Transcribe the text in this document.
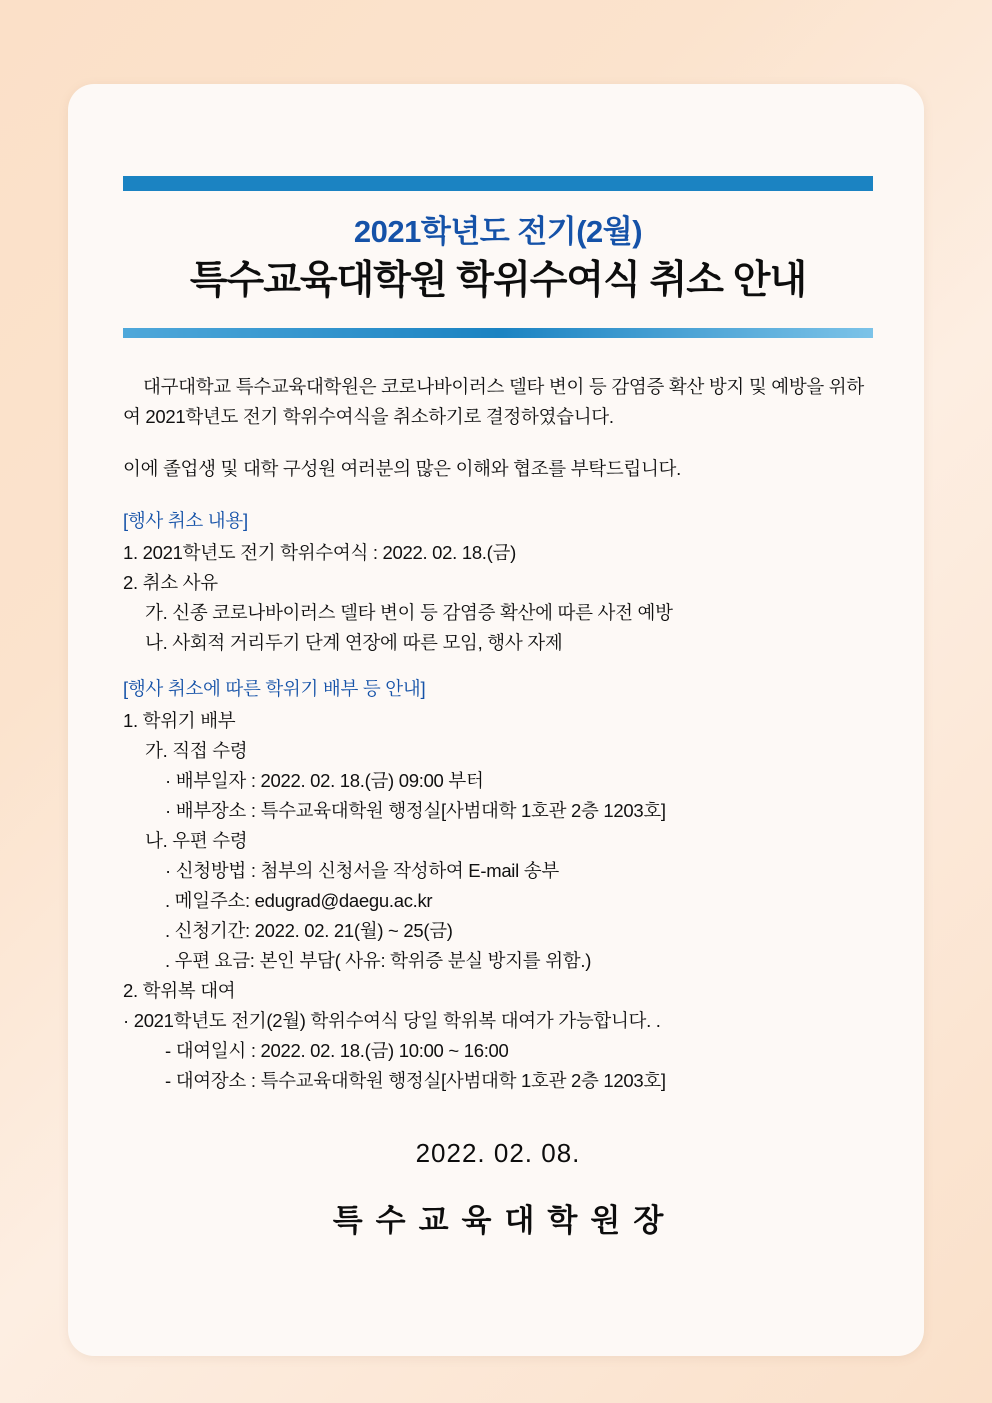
2021학년도 전기(2월)
특수교육대학원 학위수여식 취소 안내
대구대학교 특수교육대학원은 코로나바이러스 델타 변이 등 감염증 확산 방지 및 예방을 위하여 2021학년도 전기 학위수여식을 취소하기로 결정하였습니다.
이에 졸업생 및 대학 구성원 여러분의 많은 이해와 협조를 부탁드립니다.
[행사 취소 내용]
1. 2021학년도 전기 학위수여식 : 2022. 02. 18.(금)
2. 취소 사유
가. 신종 코로나바이러스 델타 변이 등 감염증 확산에 따른 사전 예방
나. 사회적 거리두기 단계 연장에 따른 모임, 행사 자제
[행사 취소에 따른 학위기 배부 등 안내]
1. 학위기 배부
가. 직접 수령
· 배부일자 : 2022. 02. 18.(금) 09:00 부터
· 배부장소 : 특수교육대학원 행정실[사범대학 1호관 2층 1203호]
나. 우편 수령
· 신청방법 : 첨부의 신청서을 작성하여 E-mail 송부
. 메일주소: edugrad@daegu.ac.kr
. 신청기간: 2022. 02. 21(월) ~ 25(금)
. 우편 요금: 본인 부담( 사유: 학위증 분실 방지를 위함.)
2. 학위복 대여
· 2021학년도 전기(2월) 학위수여식 당일 학위복 대여가 가능합니다. .
- 대여일시 : 2022. 02. 18.(금) 10:00 ~ 16:00
- 대여장소 : 특수교육대학원 행정실[사범대학 1호관 2층 1203호]
2022. 02. 08.
특수교육대학원장
